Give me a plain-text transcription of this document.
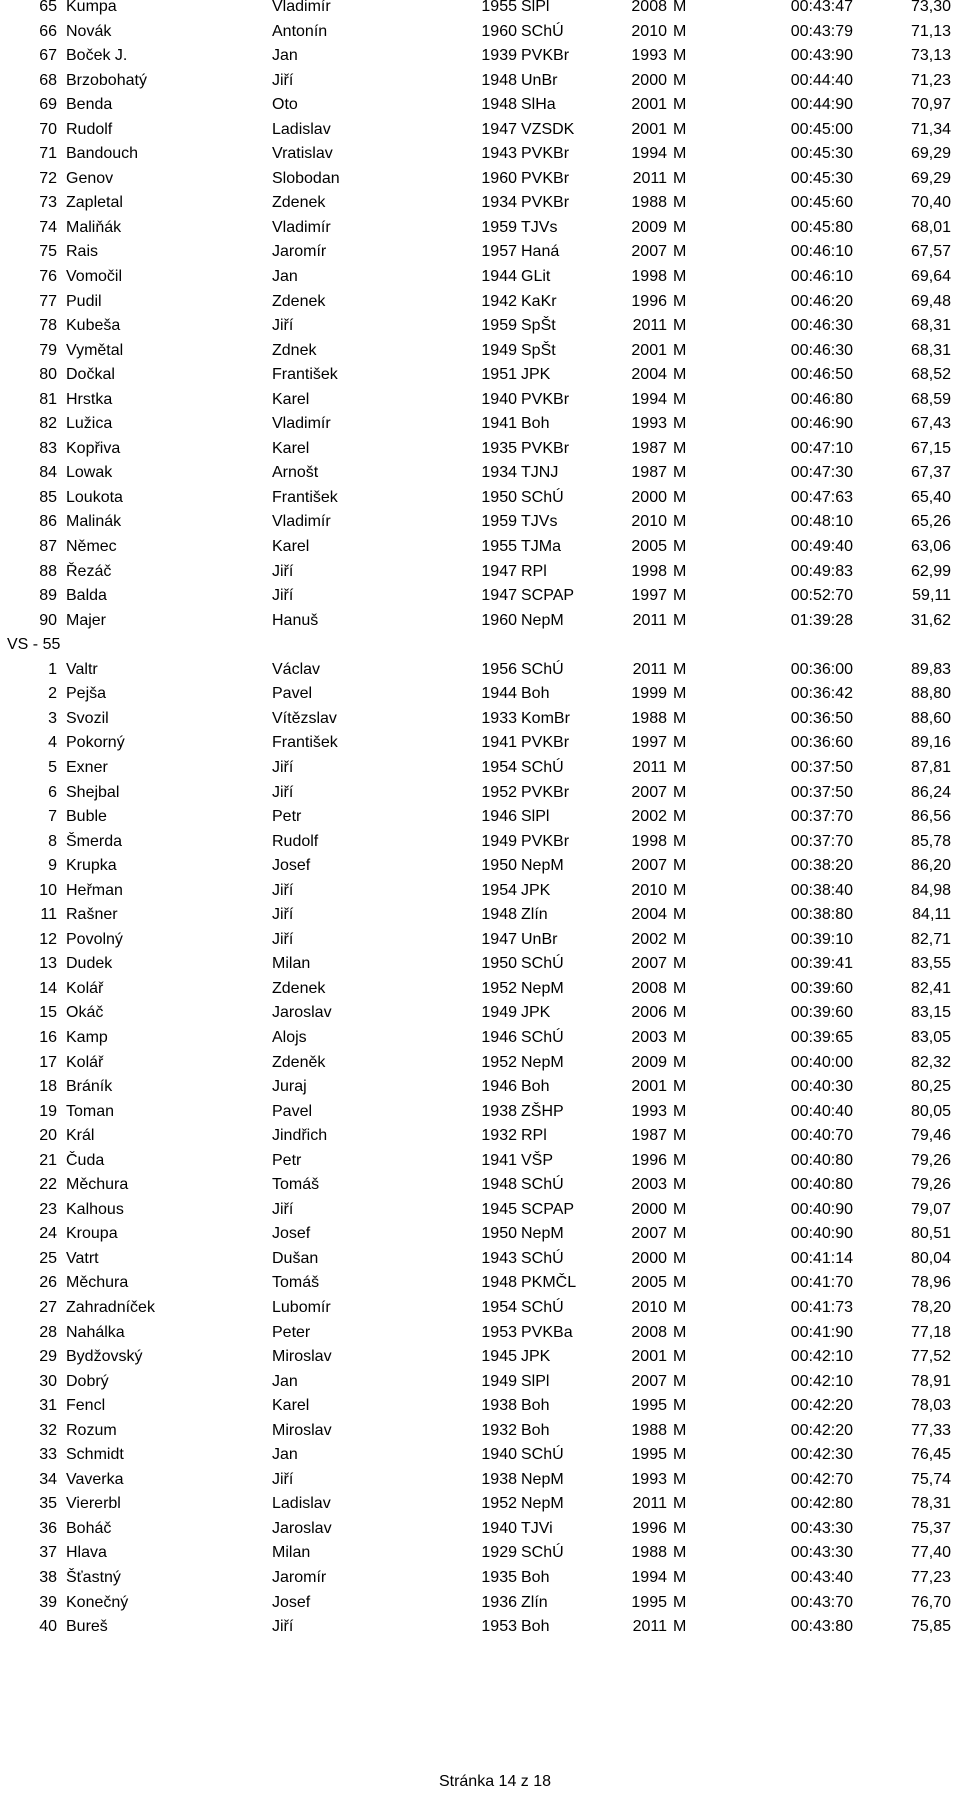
65 Kumpa	Vladimír	1955 SlPl	2008 M	00:43:47	73,30
66 Novák	Antonín	1960 SChÚ	2010 M	00:43:79	71,13
67 Boček J.	Jan	1939 PVKBr	1993 M	00:43:90	73,13
68 Brzobohatý	Jiří	1948 UnBr	2000 M	00:44:40	71,23
69 Benda	Oto	1948 SlHa	2001 M	00:44:90	70,97
70 Rudolf	Ladislav	1947 VZSDK	2001 M	00:45:00	71,34
71 Bandouch	Vratislav	1943 PVKBr	1994 M	00:45:30	69,29
72 Genov	Slobodan	1960 PVKBr	2011 M	00:45:30	69,29
73 Zapletal	Zdenek	1934 PVKBr	1988 M	00:45:60	70,40
74 Maliňák	Vladimír	1959 TJVs	2009 M	00:45:80	68,01
75 Rais	Jaromír	1957 Haná	2007 M	00:46:10	67,57
76 Vomočil	Jan	1944 GLit	1998 M	00:46:10	69,64
77 Pudil	Zdenek	1942 KaKr	1996 M	00:46:20	69,48
78 Kubeša	Jiří	1959 SpŠt	2011 M	00:46:30	68,31
79 Vymětal	Zdnek	1949 SpŠt	2001 M	00:46:30	68,31
80 Dočkal	František	1951 JPK	2004 M	00:46:50	68,52
81 Hrstka	Karel	1940 PVKBr	1994 M	00:46:80	68,59
82 Lužica	Vladimír	1941 Boh	1993 M	00:46:90	67,43
83 Kopřiva	Karel	1935 PVKBr	1987 M	00:47:10	67,15
84 Lowak	Arnošt	1934 TJNJ	1987 M	00:47:30	67,37
85 Loukota	František	1950 SChÚ	2000 M	00:47:63	65,40
86 Malinák	Vladimír	1959 TJVs	2010 M	00:48:10	65,26
87 Němec	Karel	1955 TJMa	2005 M	00:49:40	63,06
88 Řezáč	Jiří	1947 RPl	1998 M	00:49:83	62,99
89 Balda	Jiří	1947 SCPAP	1997 M	00:52:70	59,11
90 Majer	Hanuš	1960 NepM	2011 M	01:39:28	31,62
VS - 55
1 Valtr	Václav	1956 SChÚ	2011 M	00:36:00	89,83
2 Pejša	Pavel	1944 Boh	1999 M	00:36:42	88,80
3 Svozil	Vítězslav	1933 KomBr	1988 M	00:36:50	88,60
4 Pokorný	František	1941 PVKBr	1997 M	00:36:60	89,16
5 Exner	Jiří	1954 SChÚ	2011 M	00:37:50	87,81
6 Shejbal	Jiří	1952 PVKBr	2007 M	00:37:50	86,24
7 Buble	Petr	1946 SlPl	2002 M	00:37:70	86,56
8 Šmerda	Rudolf	1949 PVKBr	1998 M	00:37:70	85,78
9 Krupka	Josef	1950 NepM	2007 M	00:38:20	86,20
10 Heřman	Jiří	1954 JPK	2010 M	00:38:40	84,98
11 Rašner	Jiří	1948 Zlín	2004 M	00:38:80	84,11
12 Povolný	Jiří	1947 UnBr	2002 M	00:39:10	82,71
13 Dudek	Milan	1950 SChÚ	2007 M	00:39:41	83,55
14 Kolář	Zdenek	1952 NepM	2008 M	00:39:60	82,41
15 Okáč	Jaroslav	1949 JPK	2006 M	00:39:60	83,15
16 Kamp	Alojs	1946 SChÚ	2003 M	00:39:65	83,05
17 Kolář	Zdeněk	1952 NepM	2009 M	00:40:00	82,32
18 Bráník	Juraj	1946 Boh	2001 M	00:40:30	80,25
19 Toman	Pavel	1938 ZŠHP	1993 M	00:40:40	80,05
20 Král	Jindřich	1932 RPl	1987 M	00:40:70	79,46
21 Čuda	Petr	1941 VŠP	1996 M	00:40:80	79,26
22 Měchura	Tomáš	1948 SChÚ	2003 M	00:40:80	79,26
23 Kalhous	Jiří	1945 SCPAP	2000 M	00:40:90	79,07
24 Kroupa	Josef	1950 NepM	2007 M	00:40:90	80,51
25 Vatrt	Dušan	1943 SChÚ	2000 M	00:41:14	80,04
26 Měchura	Tomáš	1948 PKMČL	2005 M	00:41:70	78,96
27 Zahradníček	Lubomír	1954 SChÚ	2010 M	00:41:73	78,20
28 Nahálka	Peter	1953 PVKBa	2008 M	00:41:90	77,18
29 Bydžovský	Miroslav	1945 JPK	2001 M	00:42:10	77,52
30 Dobrý	Jan	1949 SlPl	2007 M	00:42:10	78,91
31 Fencl	Karel	1938 Boh	1995 M	00:42:20	78,03
32 Rozum	Miroslav	1932 Boh	1988 M	00:42:20	77,33
33 Schmidt	Jan	1940 SChÚ	1995 M	00:42:30	76,45
34 Vaverka	Jiří	1938 NepM	1993 M	00:42:70	75,74
35 Viererbl	Ladislav	1952 NepM	2011 M	00:42:80	78,31
36 Boháč	Jaroslav	1940 TJVi	1996 M	00:43:30	75,37
37 Hlava	Milan	1929 SChÚ	1988 M	00:43:30	77,40
38 Šťastný	Jaromír	1935 Boh	1994 M	00:43:40	77,23
39 Konečný	Josef	1936 Zlín	1995 M	00:43:70	76,70
40 Bureš	Jiří	1953 Boh	2011 M	00:43:80	75,85
Stránka 14 z 18
